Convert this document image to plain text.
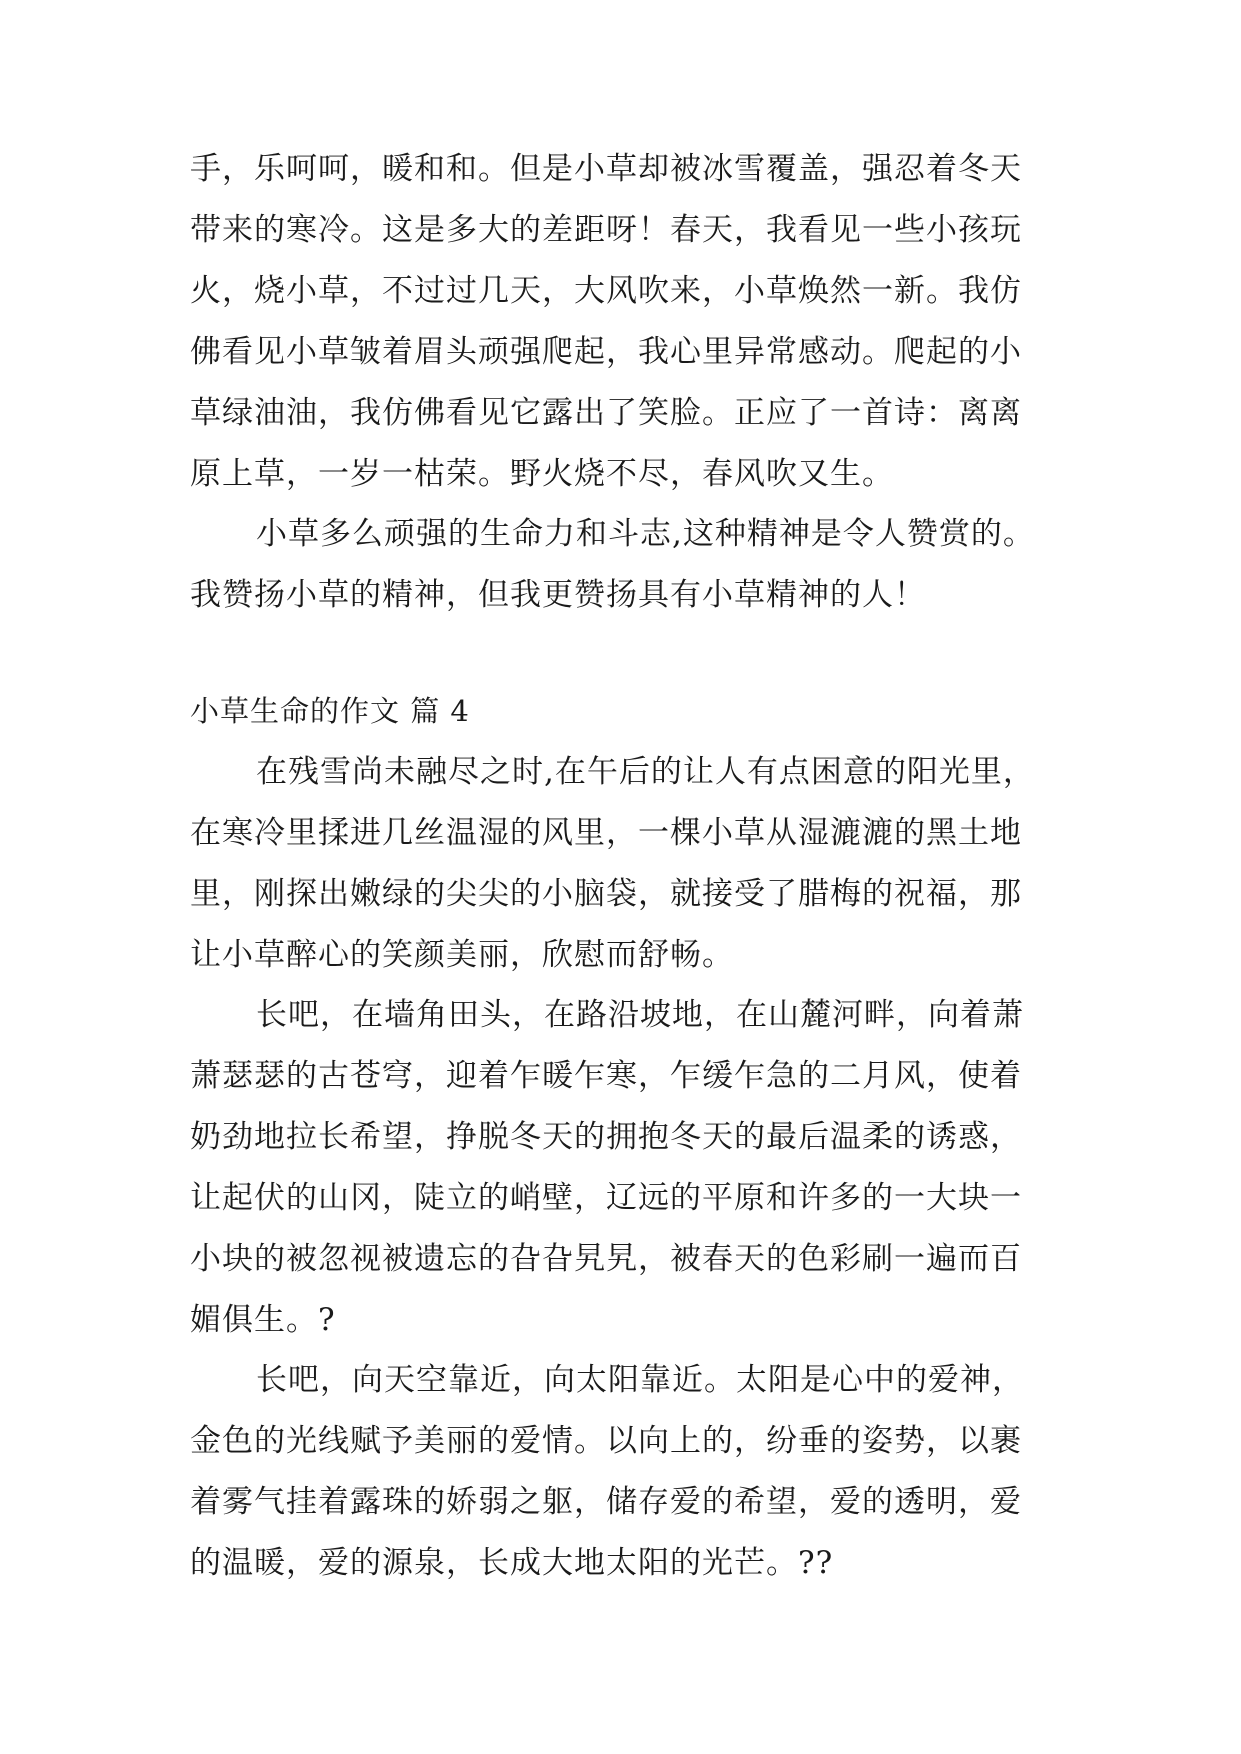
手，乐呵呵，暖和和。但是小草却被冰雪覆盖，强忍着冬天
带来的寒冷。这是多大的差距呀！春天，我看见一些小孩玩
火，烧小草，不过过几天，大风吹来，小草焕然一新。我仿
佛看见小草皱着眉头顽强爬起，我心里异常感动。爬起的小
草绿油油，我仿佛看见它露出了笑脸。正应了一首诗：离离
原上草，一岁一枯荣。野火烧不尽，春风吹又生。
小草多么顽强的生命力和斗志,这种精神是令人赞赏的。
我赞扬小草的精神，但我更赞扬具有小草精神的人！
小草生命的作文 篇 4
在残雪尚未融尽之时,在午后的让人有点困意的阳光里，
在寒冷里揉进几丝温湿的风里，一棵小草从湿漉漉的黑土地
里，刚探出嫩绿的尖尖的小脑袋，就接受了腊梅的祝福，那
让小草醉心的笑颜美丽，欣慰而舒畅。
长吧，在墙角田头，在路沿坡地，在山麓河畔，向着萧
萧瑟瑟的古苍穹，迎着乍暖乍寒，乍缓乍急的二月风，使着
奶劲地拉长希望，挣脱冬天的拥抱冬天的最后温柔的诱惑，
让起伏的山冈，陡立的峭壁，辽远的平原和许多的一大块一
小块的被忽视被遗忘的旮旮旯旯，被春天的色彩刷一遍而百
媚俱生。?
长吧，向天空靠近，向太阳靠近。太阳是心中的爱神，
金色的光线赋予美丽的爱情。以向上的，纷垂的姿势，以裹
着雾气挂着露珠的娇弱之躯，储存爱的希望，爱的透明，爱
的温暖，爱的源泉，长成大地太阳的光芒。??
